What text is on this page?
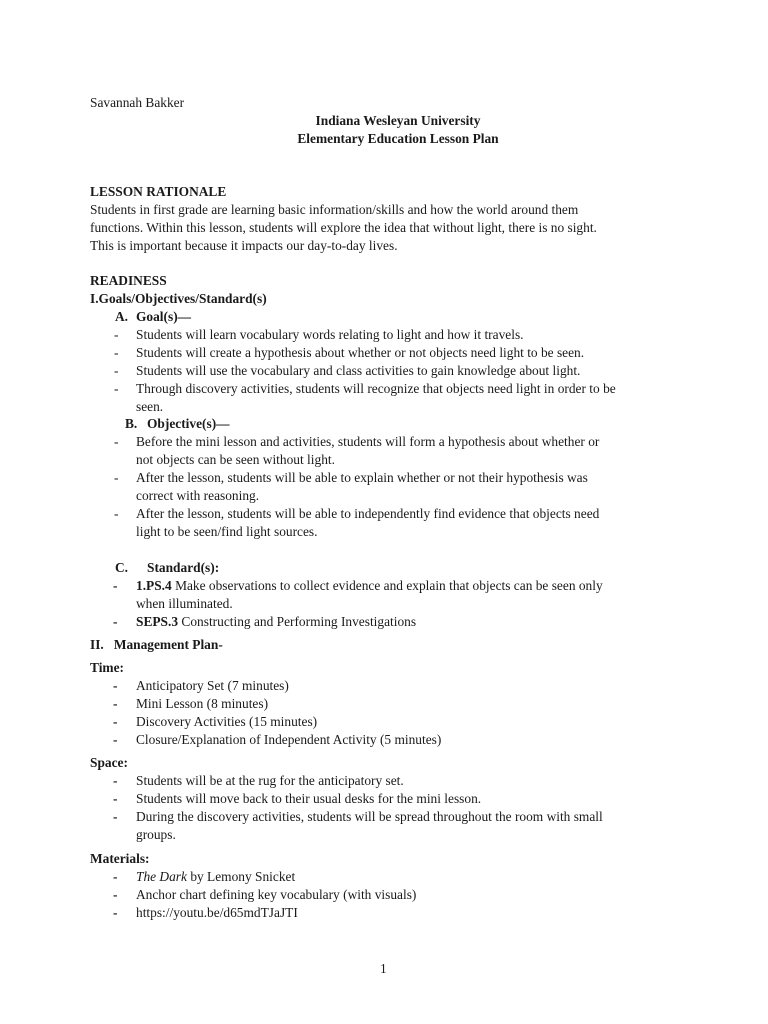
Savannah Bakker
Indiana Wesleyan University
Elementary Education Lesson Plan
LESSON RATIONALE
Students in first grade are learning basic information/skills and how the world around them
functions. Within this lesson, students will explore the idea that without light, there is no sight.
This is important because it impacts our day-to-day lives.
READINESS
I.Goals/Objectives/Standard(s)
A. Goal(s)—
-	Students will learn vocabulary words relating to light and how it travels.
-	Students will create a hypothesis about whether or not objects need light to be seen.
-	Students will use the vocabulary and class activities to gain knowledge about light.
-	Through discovery activities, students will recognize that objects need light in order to be
seen.
B. Objective(s)—
-	Before the mini lesson and activities, students will form a hypothesis about whether or
not objects can be seen without light.
-	After the lesson, students will be able to explain whether or not their hypothesis was
correct with reasoning.
-	After the lesson, students will be able to independently find evidence that objects need
light to be seen/find light sources.
C. Standard(s):
-	1.PS.4 Make observations to collect evidence and explain that objects can be seen only
when illuminated.
-	SEPS.3 Constructing and Performing Investigations
II.   Management Plan-
Time:
-	Anticipatory Set (7 minutes)
-	Mini Lesson (8 minutes)
-	Discovery Activities (15 minutes)
-	Closure/Explanation of Independent Activity (5 minutes)
Space:
-	Students will be at the rug for the anticipatory set.
-	Students will move back to their usual desks for the mini lesson.
-	During the discovery activities, students will be spread throughout the room with small
groups.
Materials:
-	The Dark by Lemony Snicket
-	Anchor chart defining key vocabulary (with visuals)
-	https://youtu.be/d65mdTJaJTI
1
